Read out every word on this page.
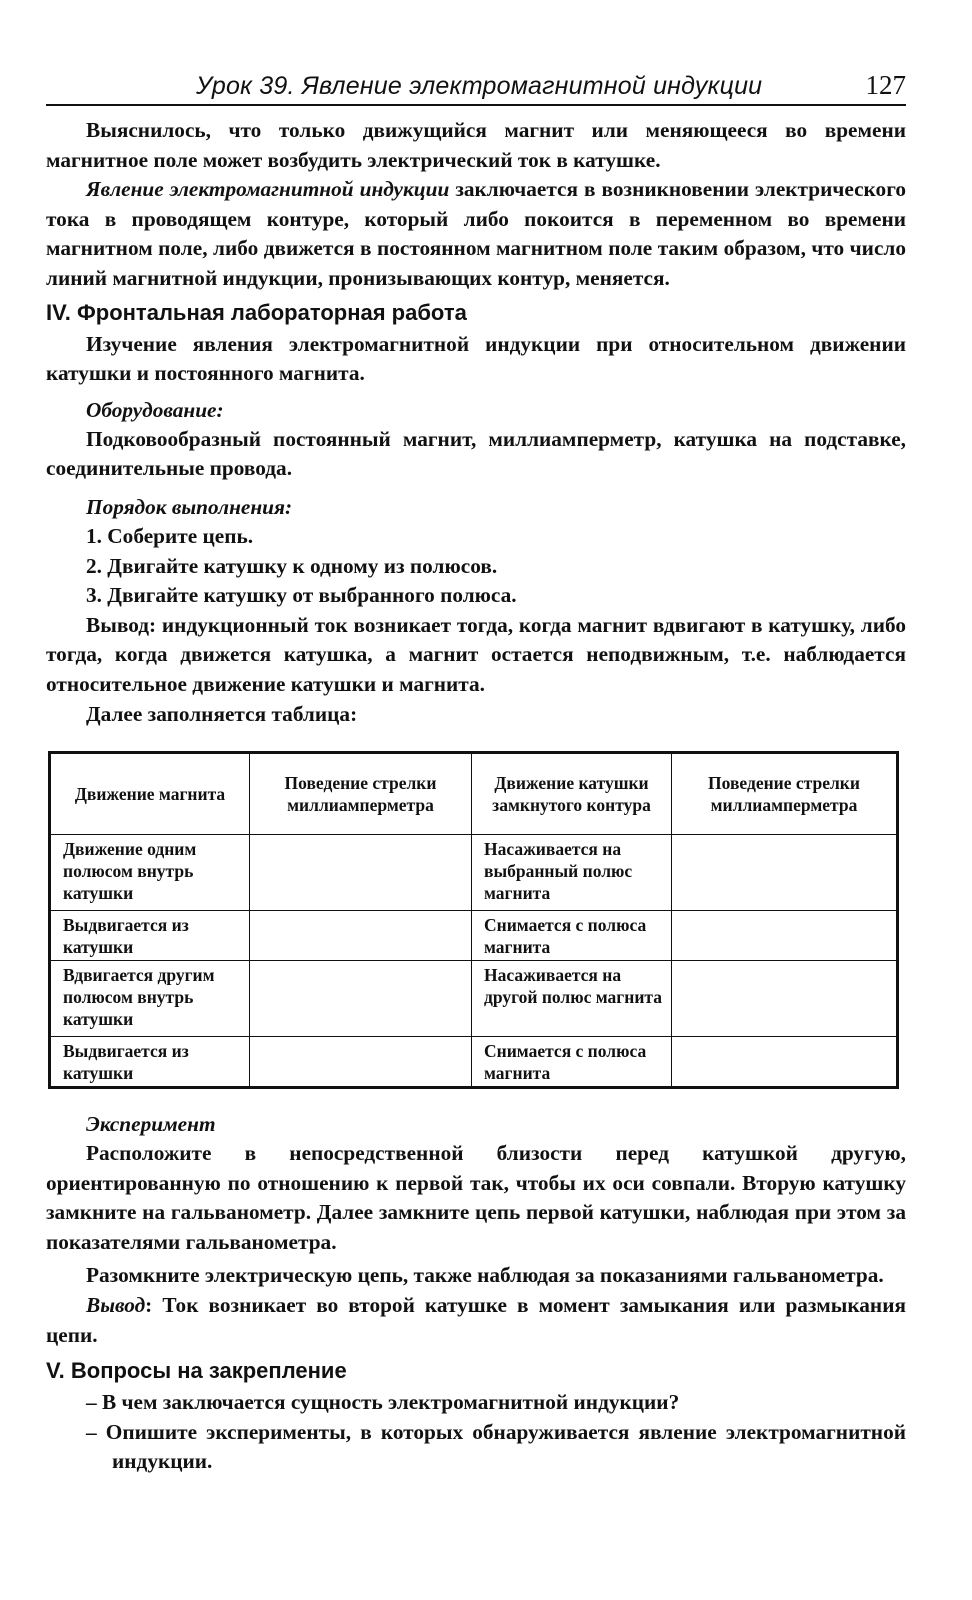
Урок 39. Явление электромагнитной индукции	127

Выяснилось, что только движущийся магнит или меняющееся во времени магнитное поле может возбудить электрический ток в катушке.

Явление электромагнитной индукции заключается в возникновении электрического тока в проводящем контуре, который либо покоится в переменном во времени магнитном поле, либо движется в постоянном магнитном поле таким образом, что число линий магнитной индукции, пронизывающих контур, меняется.

IV. Фронтальная лабораторная работа

Изучение явления электромагнитной индукции при относительном движении катушки и постоянного магнита.

Оборудование:

Подковообразный постоянный магнит, миллиамперметр, катушка на подставке, соединительные провода.

Порядок выполнения:
1. Соберите цепь.
2. Двигайте катушку к одному из полюсов.
3. Двигайте катушку от выбранного полюса.

Вывод: индукционный ток возникает тогда, когда магнит вдвигают в катушку, либо тогда, когда движется катушка, а магнит остается неподвижным, т.е. наблюдается относительное движение катушки и магнита.

Далее заполняется таблица:

Движение магнита	Поведение стрелки миллиамперметра	Движение катушки замкнутого контура	Поведение стрелки миллиамперметра
Движение одним полюсом внутрь катушки		Насаживается на выбранный полюс магнита	
Выдвигается из катушки		Снимается с полюса магнита	
Вдвигается другим полюсом внутрь катушки		Насаживается на другой полюс магнита	
Выдвигается из катушки		Снимается с полюса магнита	
Эксперимент

Расположите в непосредственной близости перед катушкой другую, ориентированную по отношению к первой так, чтобы их оси совпали. Вторую катушку замкните на гальванометр. Далее замкните цепь первой катушки, наблюдая при этом за показателями гальванометра.

Разомкните электрическую цепь, также наблюдая за показаниями гальванометра.

Вывод: Ток возникает во второй катушке в момент замыкания или размыкания цепи.

V. Вопросы на закрепление
– В чем заключается сущность электромагнитной индукции?
– Опишите эксперименты, в которых обнаруживается явление электромагнитной индукции.
